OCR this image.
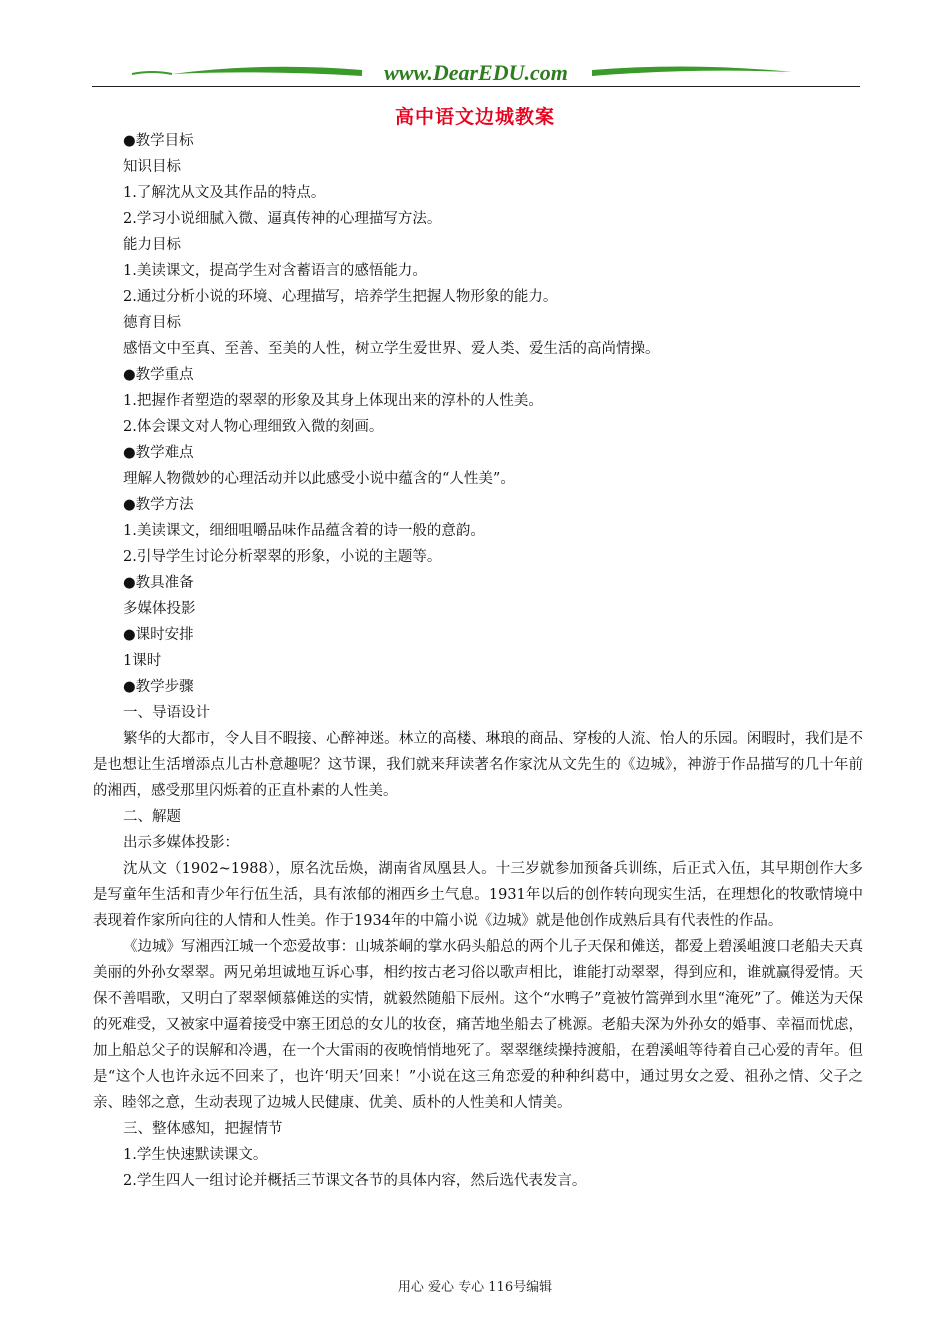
www.DearEDU.com
高中语文边城教案
●教学目标
知识目标
1.了解沈从文及其作品的特点。
2.学习小说细腻入微、逼真传神的心理描写方法。
能力目标
1.美读课文，提高学生对含蓄语言的感悟能力。
2.通过分析小说的环境、心理描写，培养学生把握人物形象的能力。
德育目标
感悟文中至真、至善、至美的人性，树立学生爱世界、爱人类、爱生活的高尚情操。
●教学重点
1.把握作者塑造的翠翠的形象及其身上体现出来的淳朴的人性美。
2.体会课文对人物心理细致入微的刻画。
●教学难点
理解人物微妙的心理活动并以此感受小说中蕴含的“人性美”。
●教学方法
1.美读课文，细细咀嚼品味作品蕴含着的诗一般的意韵。
2.引导学生讨论分析翠翠的形象，小说的主题等。
●教具准备
多媒体投影
●课时安排
1课时
●教学步骤
一、导语设计

繁华的大都市，令人目不暇接、心醉神迷。林立的高楼、琳琅的商品、穿梭的人流、怡人的乐园。闲暇时，我们是不是也想让生活增添点儿古朴意趣呢？这节课，我们就来拜读著名作家沈从文先生的《边城》，神游于作品描写的几十年前的湘西，感受那里闪烁着的正直朴素的人性美。

二、解题
出示多媒体投影：

沈从文（1902~1988），原名沈岳焕，湖南省凤凰县人。十三岁就参加预备兵训练，后正式入伍，其早期创作大多是写童年生活和青少年行伍生活，具有浓郁的湘西乡土气息。1931年以后的创作转向现实生活，在理想化的牧歌情境中表现着作家所向往的人情和人性美。作于1934年的中篇小说《边城》就是他创作成熟后具有代表性的作品。

《边城》写湘西江城一个恋爱故事：山城茶峒的掌水码头船总的两个儿子天保和傩送，都爱上碧溪岨渡口老船夫天真美丽的外孙女翠翠。两兄弟坦诚地互诉心事，相约按古老习俗以歌声相比，谁能打动翠翠，得到应和，谁就赢得爱情。天保不善唱歌，又明白了翠翠倾慕傩送的实情，就毅然随船下辰州。这个“水鸭子”竟被竹篙弹到水里“淹死”了。傩送为天保的死难受，又被家中逼着接受中寨王团总的女儿的妆奁，痛苦地坐船去了桃源。老船夫深为外孙女的婚事、幸福而忧虑，加上船总父子的误解和冷遇，在一个大雷雨的夜晚悄悄地死了。翠翠继续操持渡船，在碧溪岨等待着自己心爱的青年。但是“这个人也许永远不回来了，也许‘明天’回来！”小说在这三角恋爱的种种纠葛中，通过男女之爱、祖孙之情、父子之亲、睦邻之意，生动表现了边城人民健康、优美、质朴的人性美和人情美。

三、整体感知，把握情节
1.学生快速默读课文。
2.学生四人一组讨论并概括三节课文各节的具体内容，然后选代表发言。
用心 爱心 专心 116号编辑
